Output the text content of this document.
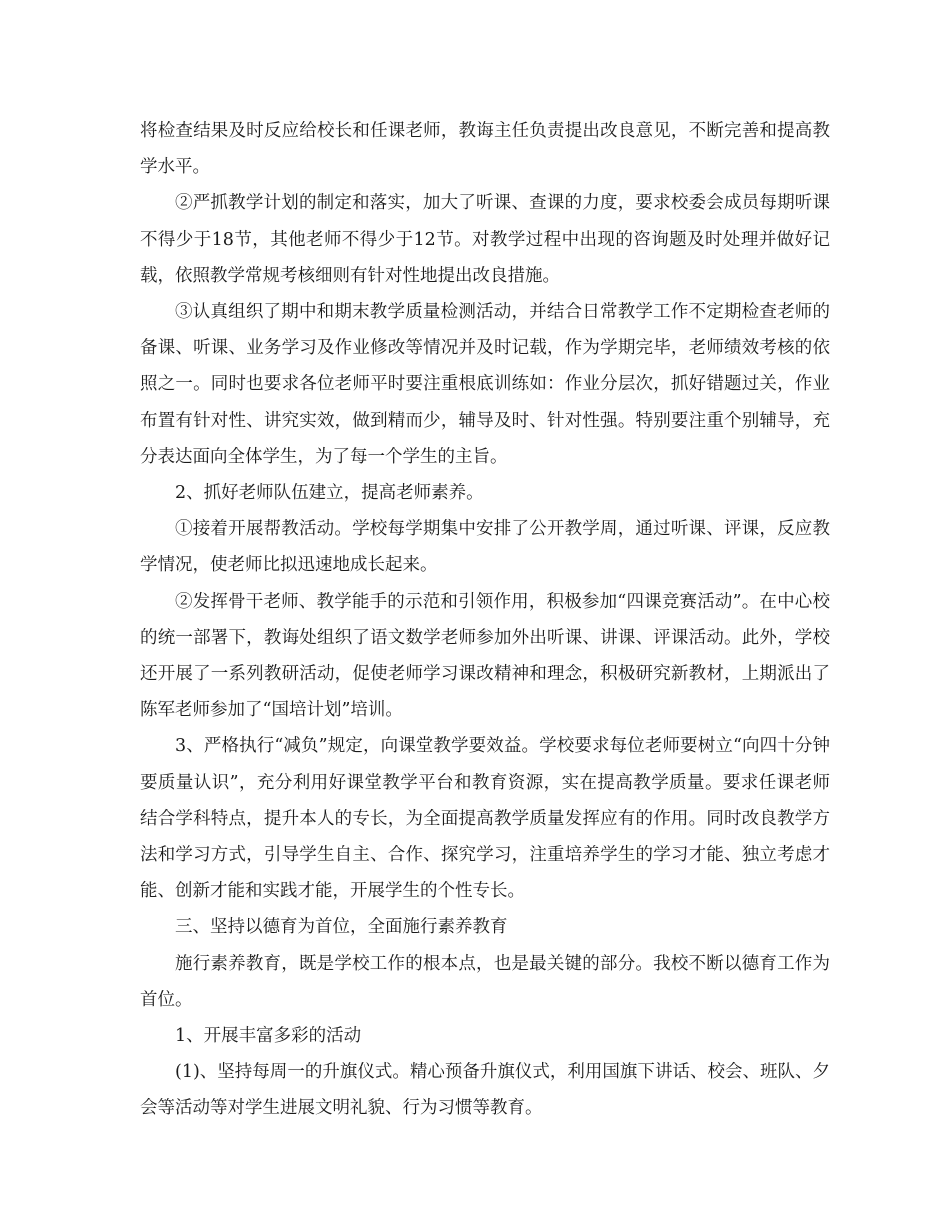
将检查结果及时反应给校长和任课老师，教诲主任负责提出改良意见，不断完善和提高教学水平。

②严抓教学计划的制定和落实，加大了听课、查课的力度，要求校委会成员每期听课不得少于18节，其他老师不得少于12节。对教学过程中出现的咨询题及时处理并做好记载，依照教学常规考核细则有针对性地提出改良措施。

③认真组织了期中和期末教学质量检测活动，并结合日常教学工作不定期检查老师的备课、听课、业务学习及作业修改等情况并及时记载，作为学期完毕，老师绩效考核的依照之一。同时也要求各位老师平时要注重根底训练如：作业分层次，抓好错题过关，作业布置有针对性、讲究实效，做到精而少，辅导及时、针对性强。特别要注重个别辅导，充分表达面向全体学生，为了每一个学生的主旨。

2、抓好老师队伍建立，提高老师素养。

①接着开展帮教活动。学校每学期集中安排了公开教学周，通过听课、评课，反应教学情况，使老师比拟迅速地成长起来。

②发挥骨干老师、教学能手的示范和引领作用，积极参加“四课竞赛活动”。在中心校的统一部署下，教诲处组织了语文数学老师参加外出听课、讲课、评课活动。此外，学校还开展了一系列教研活动，促使老师学习课改精神和理念，积极研究新教材，上期派出了陈军老师参加了“国培计划”培训。

3、严格执行“减负”规定，向课堂教学要效益。学校要求每位老师要树立“向四十分钟要质量认识”，充分利用好课堂教学平台和教育资源，实在提高教学质量。要求任课老师结合学科特点，提升本人的专长，为全面提高教学质量发挥应有的作用。同时改良教学方法和学习方式，引导学生自主、合作、探究学习，注重培养学生的学习才能、独立考虑才能、创新才能和实践才能，开展学生的个性专长。

三、坚持以德育为首位，全面施行素养教育

施行素养教育，既是学校工作的根本点，也是最关键的部分。我校不断以德育工作为首位。

1、开展丰富多彩的活动

(1)、坚持每周一的升旗仪式。精心预备升旗仪式，利用国旗下讲话、校会、班队、夕会等活动等对学生进展文明礼貌、行为习惯等教育。
